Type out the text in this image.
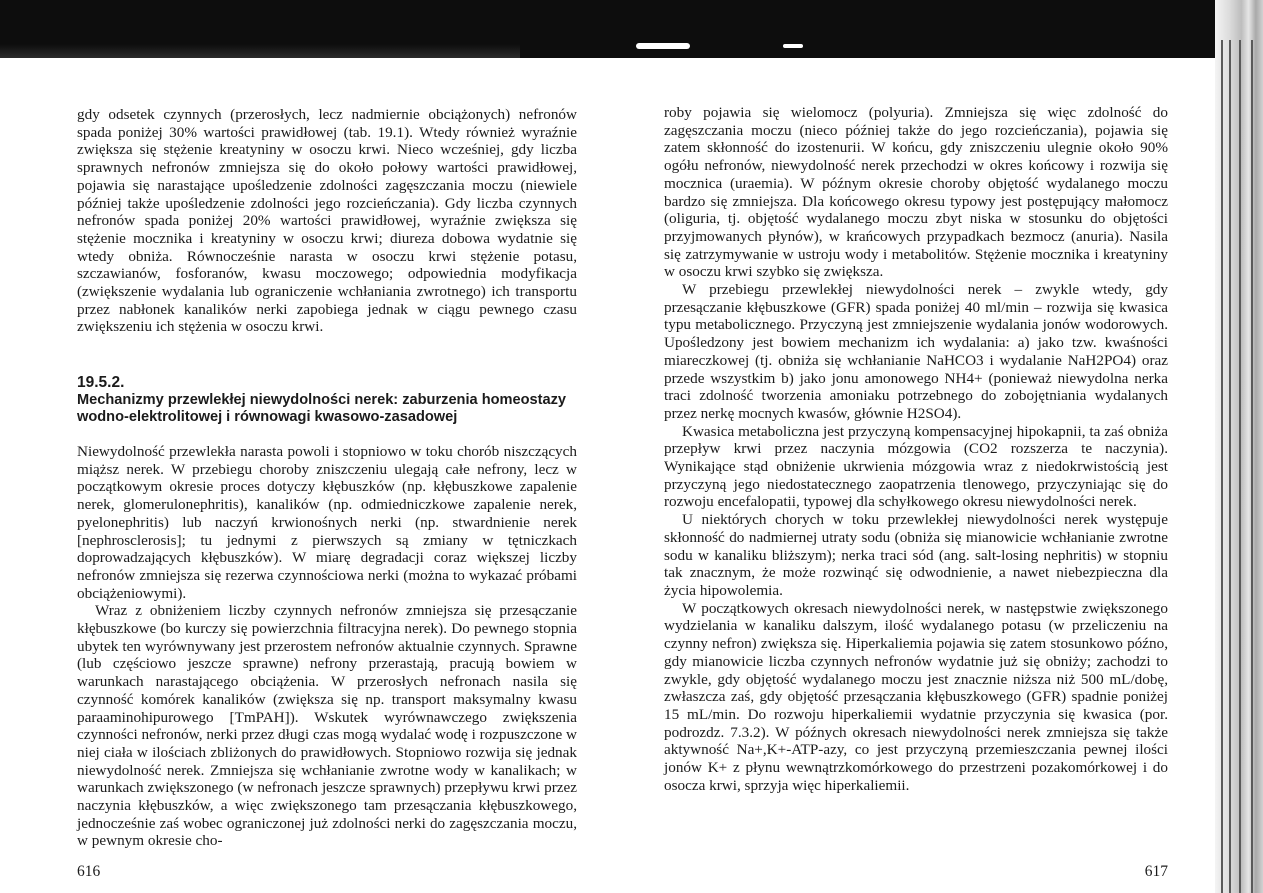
gdy odsetek czynnych (przerosłych, lecz nadmiernie obciążonych) nefronów spada poniżej 30% wartości prawidłowej (tab. 19.1). Wtedy również wyraźnie zwiększa się stężenie kreatyniny w osoczu krwi. Nieco wcześniej, gdy liczba sprawnych nefronów zmniejsza się do około połowy wartości prawidłowej, pojawia się narastające upośledzenie zdolności zagęszczania moczu (niewiele później także upośledzenie zdolności jego rozcieńczania). Gdy liczba czynnych nefronów spada poniżej 20% wartości prawidłowej, wyraźnie zwiększa się stężenie mocznika i kreatyniny w osoczu krwi; diureza dobowa wydatnie się wtedy obniża. Równocześnie narasta w osoczu krwi stężenie potasu, szczawianów, fosforanów, kwasu moczowego; odpowiednia modyfikacja (zwiększenie wydalania lub ograniczenie wchłaniania zwrotnego) ich transportu przez nabłonek kanalików nerki zapobiega jednak w ciągu pewnego czasu zwiększeniu ich stężenia w osoczu krwi.

19.5.2.
Mechanizmy przewlekłej niewydolności nerek: zaburzenia homeostazy wodno-elektrolitowej i równowagi kwasowo-zasadowej

Niewydolność przewlekła narasta powoli i stopniowo w toku chorób niszczących miąższ nerek. W przebiegu choroby zniszczeniu ulegają całe nefrony, lecz w początkowym okresie proces dotyczy kłębuszków (np. kłębuszkowe zapalenie nerek, glomerulonephritis), kanalików (np. odmiedniczkowe zapalenie nerek, pyelonephritis) lub naczyń krwionośnych nerki (np. stwardnienie nerek [nephrosclerosis]; tu jednymi z pierwszych są zmiany w tętniczkach doprowadzających kłębuszków). W miarę degradacji coraz większej liczby nefronów zmniejsza się rezerwa czynnościowa nerki (można to wykazać próbami obciążeniowymi).

Wraz z obniżeniem liczby czynnych nefronów zmniejsza się przesączanie kłębuszkowe (bo kurczy się powierzchnia filtracyjna nerek). Do pewnego stopnia ubytek ten wyrównywany jest przerostem nefronów aktualnie czynnych. Sprawne (lub częściowo jeszcze sprawne) nefrony przerastają, pracują bowiem w warunkach narastającego obciążenia. W przerosłych nefronach nasila się czynność komórek kanalików (zwiększa się np. transport maksymalny kwasu paraaminohipurowego [TmPAH]). Wskutek wyrównawczego zwiększenia czynności nefronów, nerki przez długi czas mogą wydalać wodę i rozpuszczone w niej ciała w ilościach zbliżonych do prawidłowych. Stopniowo rozwija się jednak niewydolność nerek. Zmniejsza się wchłanianie zwrotne wody w kanalikach; w warunkach zwiększonego (w nefronach jeszcze sprawnych) przepływu krwi przez naczynia kłębuszków, a więc zwiększonego tam przesączania kłębuszkowego, jednocześnie zaś wobec ograniczonej już zdolności nerki do zagęszczania moczu, w pewnym okresie cho-

616

roby pojawia się wielomocz (polyuria). Zmniejsza się więc zdolność do zagęszczania moczu (nieco później także do jego rozcieńczania), pojawia się zatem skłonność do izostenurii. W końcu, gdy zniszczeniu ulegnie około 90% ogółu nefronów, niewydolność nerek przechodzi w okres końcowy i rozwija się mocznica (uraemia). W późnym okresie choroby objętość wydalanego moczu bardzo się zmniejsza. Dla końcowego okresu typowy jest postępujący małomocz (oliguria, tj. objętość wydalanego moczu zbyt niska w stosunku do objętości przyjmowanych płynów), w krańcowych przypadkach bezmocz (anuria). Nasila się zatrzymywanie w ustroju wody i metabolitów. Stężenie mocznika i kreatyniny w osoczu krwi szybko się zwiększa.

W przebiegu przewlekłej niewydolności nerek – zwykle wtedy, gdy przesączanie kłębuszkowe (GFR) spada poniżej 40 ml/min – rozwija się kwasica typu metabolicznego. Przyczyną jest zmniejszenie wydalania jonów wodorowych. Upośledzony jest bowiem mechanizm ich wydalania: a) jako tzw. kwaśności miareczkowej (tj. obniża się wchłanianie NaHCO3 i wydalanie NaH2PO4) oraz przede wszystkim b) jako jonu amonowego NH4+ (ponieważ niewydolna nerka traci zdolność tworzenia amoniaku potrzebnego do zobojętniania wydalanych przez nerkę mocnych kwasów, głównie H2SO4).

Kwasica metaboliczna jest przyczyną kompensacyjnej hipokapnii, ta zaś obniża przepływ krwi przez naczynia mózgowia (CO2 rozszerza te naczynia). Wynikające stąd obniżenie ukrwienia mózgowia wraz z niedokrwistością jest przyczyną jego niedostatecznego zaopatrzenia tlenowego, przyczyniając się do rozwoju encefalopatii, typowej dla schyłkowego okresu niewydolności nerek.

U niektórych chorych w toku przewlekłej niewydolności nerek występuje skłonność do nadmiernej utraty sodu (obniża się mianowicie wchłanianie zwrotne sodu w kanaliku bliższym); nerka traci sód (ang. salt-losing nephritis) w stopniu tak znacznym, że może rozwinąć się odwodnienie, a nawet niebezpieczna dla życia hipowolemia.

W początkowych okresach niewydolności nerek, w następstwie zwiększonego wydzielania w kanaliku dalszym, ilość wydalanego potasu (w przeliczeniu na czynny nefron) zwiększa się. Hiperkaliemia pojawia się zatem stosunkowo późno, gdy mianowicie liczba czynnych nefronów wydatnie już się obniży; zachodzi to zwykle, gdy objętość wydalanego moczu jest znacznie niższa niż 500 mL/dobę, zwłaszcza zaś, gdy objętość przesączania kłębuszkowego (GFR) spadnie poniżej 15 mL/min. Do rozwoju hiperkaliemii wydatnie przyczynia się kwasica (por. podrozdz. 7.3.2). W późnych okresach niewydolności nerek zmniejsza się także aktywność Na+,K+-ATP-azy, co jest przyczyną przemieszczania pewnej ilości jonów K+ z płynu wewnątrzkomórkowego do przestrzeni pozakomórkowej i do osocza krwi, sprzyja więc hiperkaliemii.

617
